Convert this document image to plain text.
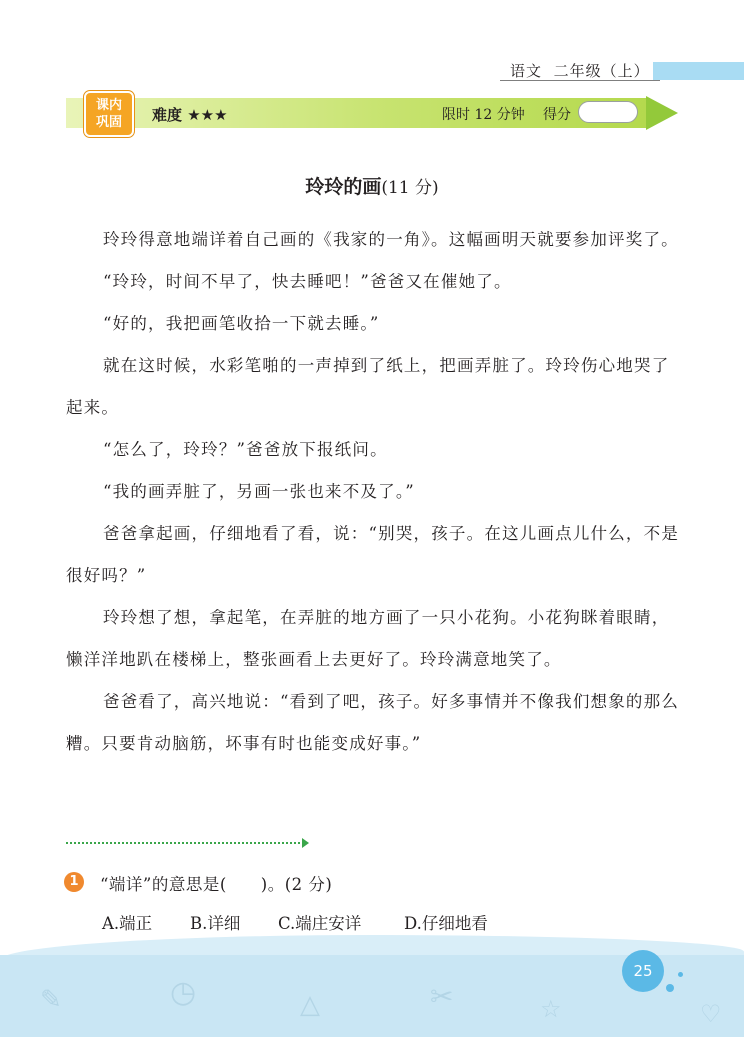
语文 二年级（上）
课内
巩固	难度 ★★★	限时 12 分钟 得分
玲玲的画(11 分)

玲玲得意地端详着自己画的《我家的一角》。这幅画明天就要参加评奖了。

“玲玲，时间不早了，快去睡吧！”爸爸又在催她了。

“好的，我把画笔收拾一下就去睡。”

就在这时候，水彩笔啪的一声掉到了纸上，把画弄脏了。玲玲伤心地哭了起来。

“怎么了，玲玲？”爸爸放下报纸问。

“我的画弄脏了，另画一张也来不及了。”

爸爸拿起画，仔细地看了看，说：“别哭，孩子。在这儿画点儿什么，不是很好吗？”

玲玲想了想，拿起笔，在弄脏的地方画了一只小花狗。小花狗眯着眼睛，懒洋洋地趴在楼梯上，整张画看上去更好了。玲玲满意地笑了。

爸爸看了，高兴地说：“看到了吧，孩子。好多事情并不像我们想象的那么糟。只要肯动脑筋，坏事有时也能变成好事。”

1	“端详”的意思是(　　)。(2 分)
A.端正 B.详细 C.端庄安详	D.仔细地看
✎	◷	△	✂	☆	♡
25
